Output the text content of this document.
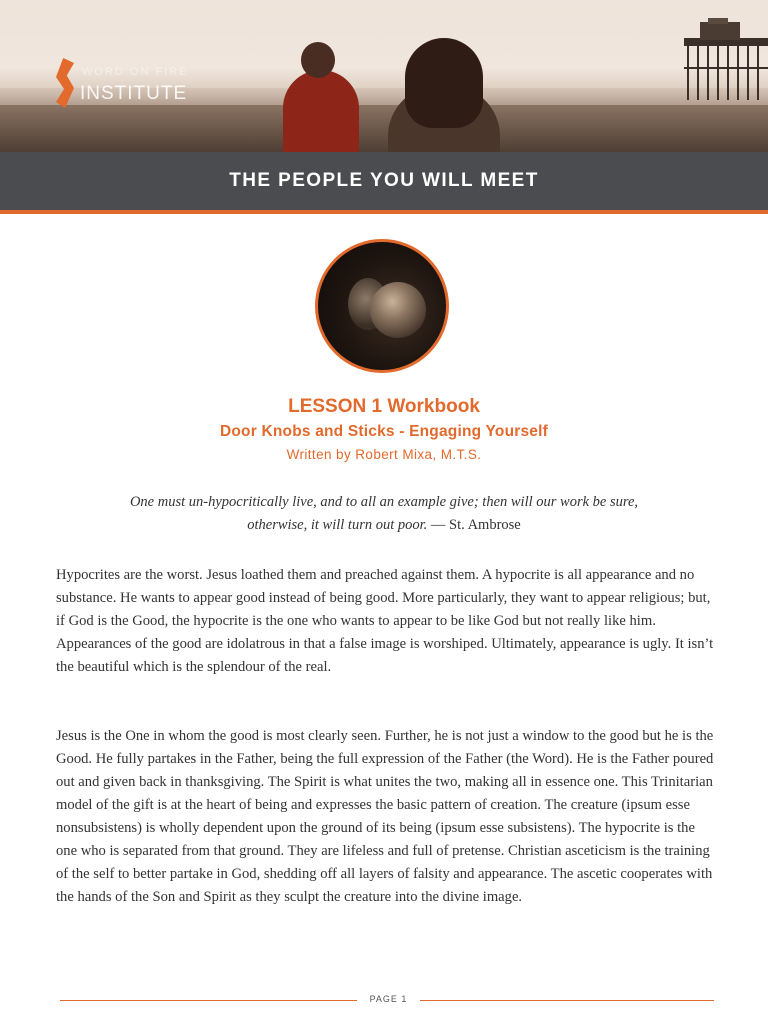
WORD ON FIRE
INSTITUTE
THE PEOPLE YOU WILL MEET
LESSON 1 Workbook
Door Knobs and Sticks - Engaging Yourself
Written by Robert Mixa, M.T.S.
One must un-hypocritically live, and to all an example give; then will our work be sure, otherwise, it will turn out poor. — St. Ambrose
Hypocrites are the worst. Jesus loathed them and preached against them. A hypocrite is all appearance and no substance. He wants to appear good instead of being good. More particularly, they want to appear religious; but, if God is the Good, the hypocrite is the one who wants to appear to be like God but not really like him. Appearances of the good are idolatrous in that a false image is worshiped. Ultimately, appearance is ugly. It isn’t the beautiful which is the splendour of the real.
Jesus is the One in whom the good is most clearly seen. Further, he is not just a window to the good but he is the Good. He fully partakes in the Father, being the full expression of the Father (the Word). He is the Father poured out and given back in thanksgiving. The Spirit is what unites the two, making all in essence one. This Trinitarian model of the gift is at the heart of being and expresses the basic pattern of creation. The creature (ipsum esse nonsubsistens) is wholly dependent upon the ground of its being (ipsum esse subsistens). The hypocrite is the one who is separated from that ground. They are lifeless and full of pretense. Christian asceticism is the training of the self to better partake in God, shedding off all layers of falsity and appearance. The ascetic cooperates with the hands of the Son and Spirit as they sculpt the creature into the divine image.
PAGE 1
